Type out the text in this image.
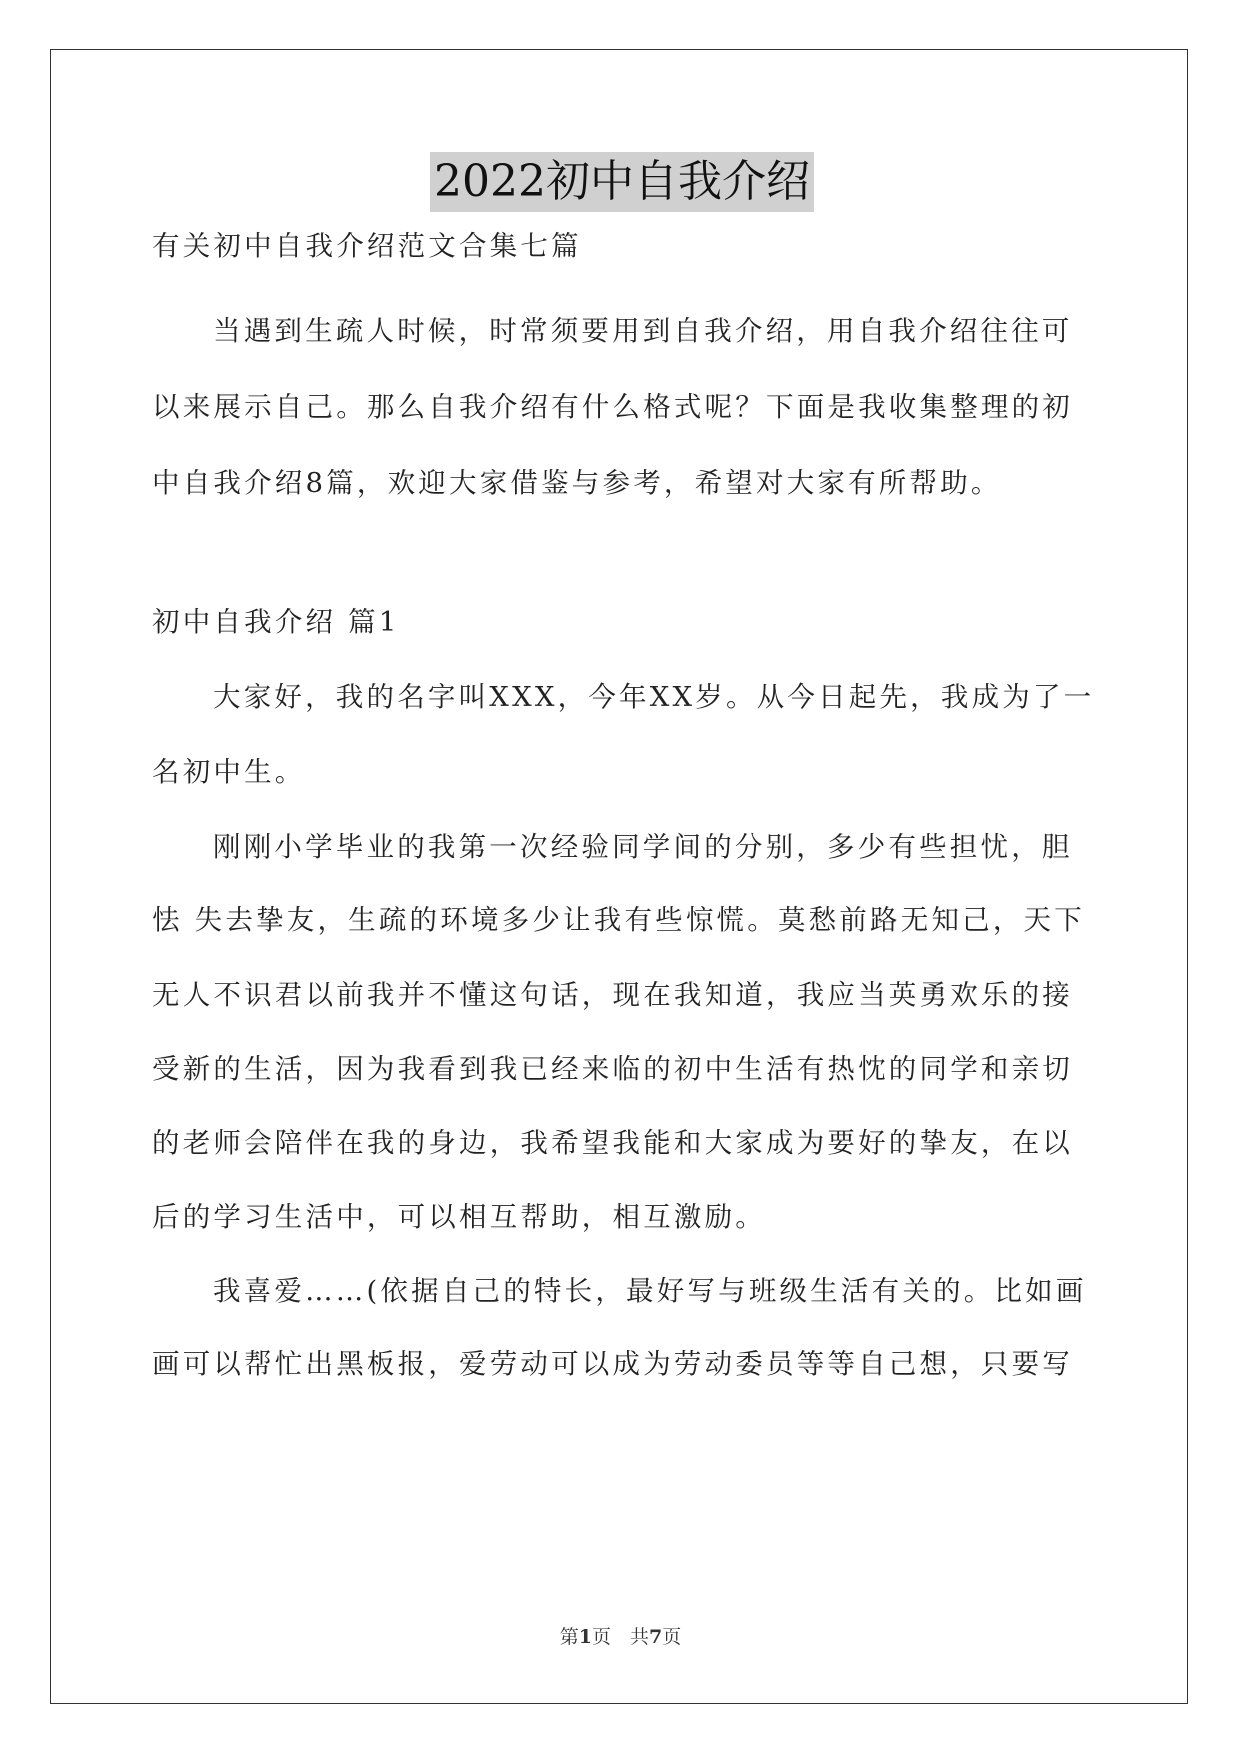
2022初中自我介绍
有关初中自我介绍范文合集七篇
当遇到生疏人时候，时常须要用到自我介绍，用自我介绍往往可
以来展示自己。那么自我介绍有什么格式呢？下面是我收集整理的初
中自我介绍8篇，欢迎大家借鉴与参考，希望对大家有所帮助。
初中自我介绍 篇1
大家好，我的名字叫XXX，今年XX岁。从今日起先，我成为了一
名初中生。
刚刚小学毕业的我第一次经验同学间的分别，多少有些担忧，胆
怯 失去挚友，生疏的环境多少让我有些惊慌。莫愁前路无知己，天下
无人不识君以前我并不懂这句话，现在我知道，我应当英勇欢乐的接
受新的生活，因为我看到我已经来临的初中生活有热忱的同学和亲切
的老师会陪伴在我的身边，我希望我能和大家成为要好的挚友，在以
后的学习生活中，可以相互帮助，相互激励。
我喜爱……(依据自己的特长，最好写与班级生活有关的。比如画
画可以帮忙出黑板报，爱劳动可以成为劳动委员等等自己想，只要写
第1页　共7页
